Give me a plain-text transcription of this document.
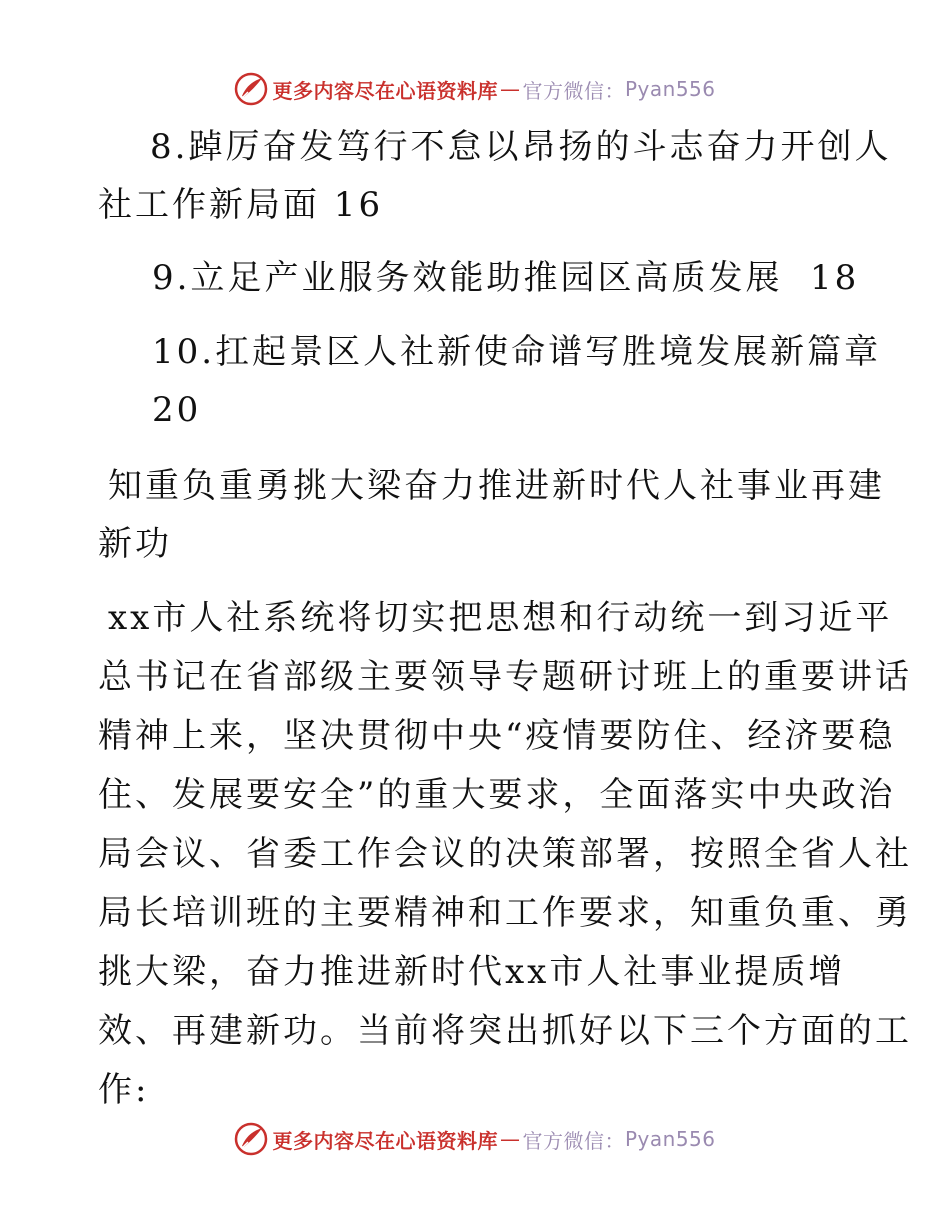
更多内容尽在心语资料库 — 官方微信： Pyan556
8.踔厉奋发笃行不怠以昂扬的斗志奋力开创人
社工作新局面 16
9.立足产业服务效能助推园区高质发展  18
10.扛起景区人社新使命谱写胜境发展新篇章
20
知重负重勇挑大梁奋力推进新时代人社事业再建
新功
xx市人社系统将切实把思想和行动统一到习近平
总书记在省部级主要领导专题研讨班上的重要讲话
精神上来，坚决贯彻中央“疫情要防住、经济要稳
住、发展要安全”的重大要求，全面落实中央政治
局会议、省委工作会议的决策部署，按照全省人社
局长培训班的主要精神和工作要求，知重负重、勇
挑大梁，奋力推进新时代xx市人社事业提质增
效、再建新功。当前将突出抓好以下三个方面的工
作:
更多内容尽在心语资料库 — 官方微信： Pyan556
